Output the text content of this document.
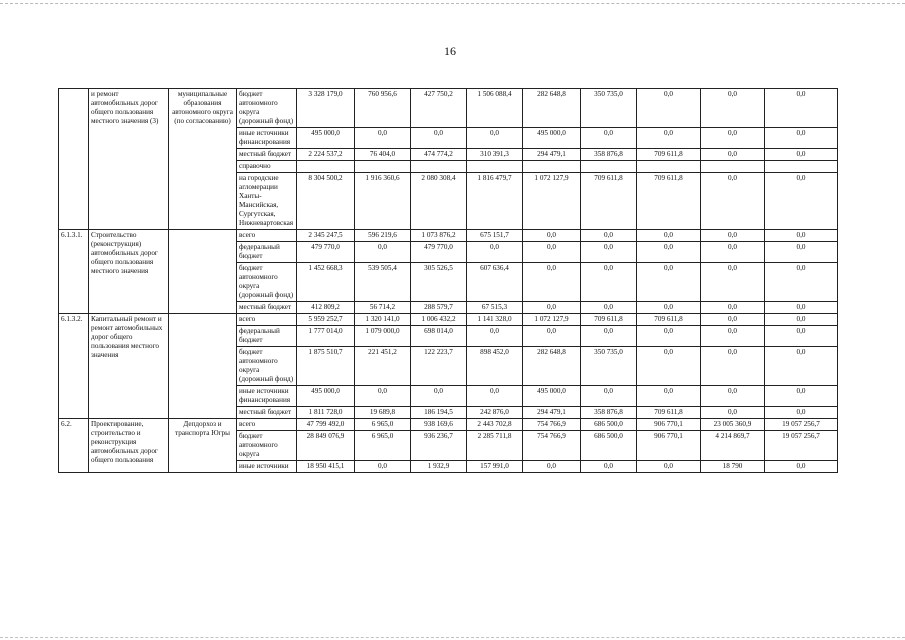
16
	и ремонт автомобильных дорог общего пользования местного значения (3)	муниципальные образования автономного округа (по согласованию)	бюджет автономного округа (дорожный фонд)	3 328 179,0	760 956,6	427 750,2	1 506 088,4	282 648,8	350 735,0	0,0	0,0	0,0
			иные источники финансирования	495 000,0	0,0	0,0	0,0	495 000,0	0,0	0,0	0,0	0,0
			местный бюджет	2 224 537,2	76 404,0	474 774,2	310 391,3	294 479,1	358 876,8	709 611,8	0,0	0,0
			справочно									
			на городские агломерации Ханты-Мансийская, Сургутская, Нижневартовская	8 304 500,2	1 916 360,6	2 080 308,4	1 816 479,7	1 072 127,9	709 611,8	709 611,8	0,0	0,0
6.1.3.1.	Строительство (реконструкция) автомобильных дорог общего пользования местного значения		всего	2 345 247,5	596 219,6	1 073 876,2	675 151,7	0,0	0,0	0,0	0,0	0,0
			федеральный бюджет	479 770,0	0,0	479 770,0	0,0	0,0	0,0	0,0	0,0	0,0
			бюджет автономного округа (дорожный фонд)	1 452 668,3	539 505,4	305 526,5	607 636,4	0,0	0,0	0,0	0,0	0,0
			местный бюджет	412 809,2	56 714,2	288 579,7	67 515,3	0,0	0,0	0,0	0,0	0,0
6.1.3.2.	Капитальный ремонт и ремонт автомобильных дорог общего пользования местного значения		всего	5 959 252,7	1 320 141,0	1 006 432,2	1 141 328,0	1 072 127,9	709 611,8	709 611,8	0,0	0,0
			федеральный бюджет	1 777 014,0	1 079 000,0	698 014,0	0,0	0,0	0,0	0,0	0,0	0,0
			бюджет автономного округа (дорожный фонд)	1 875 510,7	221 451,2	122 223,7	898 452,0	282 648,8	350 735,0	0,0	0,0	0,0
			иные источники финансирования	495 000,0	0,0	0,0	0,0	495 000,0	0,0	0,0	0,0	0,0
			местный бюджет	1 811 728,0	19 689,8	186 194,5	242 876,0	294 479,1	358 876,8	709 611,8	0,0	0,0
6.2.	Проектирование, строительство и реконструкция автомобильных дорог общего пользования	Депдорхоз и транспорта Югры	всего	47 799 492,0	6 965,0	938 169,6	2 443 702,8	754 766,9	686 500,0	906 770,1	23 005 360,9	19 057 256,7
			бюджет автономного округа	28 849 076,9	6 965,0	936 236,7	2 285 711,8	754 766,9	686 500,0	906 770,1	4 214 869,7	19 057 256,7
			иные источники	18 950 415,1	0,0	1 932,9	157 991,0	0,0	0,0	0,0	18 790	0,0
